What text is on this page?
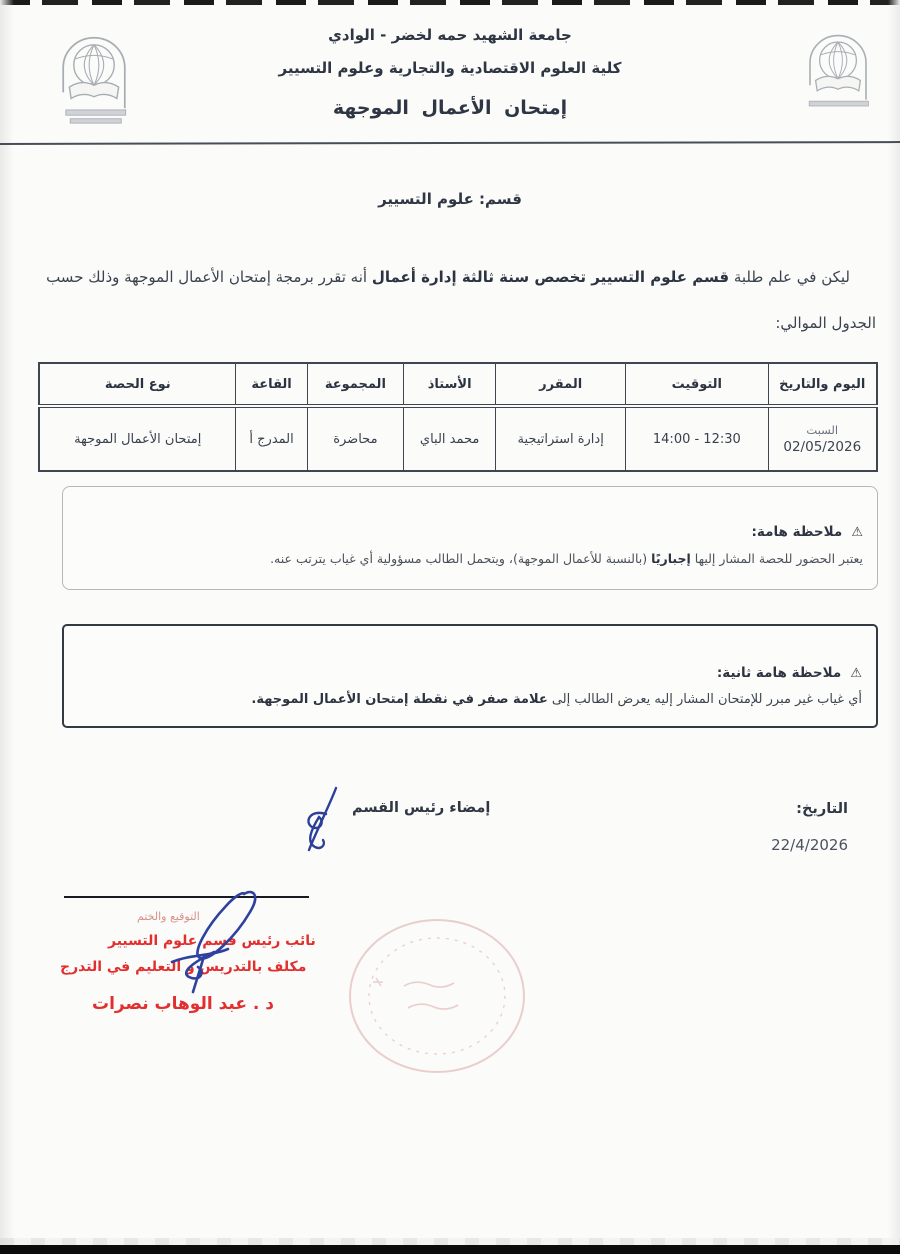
جامعة الشهيد حمه لخضر - الوادي
كلية العلوم الاقتصادية والتجارية وعلوم التسيير
إمتحان الأعمال الموجهة
قسم: علوم التسيير

ليكن في علم طلبة قسم علوم التسيير تخصص سنة ثالثة إدارة أعمال أنه تقرر برمجة إمتحان الأعمال الموجهة وذلك حسب
الجدول الموالي:

اليوم والتاريخ	التوقيت	المقرر	الأستاذ	المجموعة	القاعة	نوع الحصة

السبت
02/05/2026	14:00 - 12:30	إدارة استراتيجية	محمد الباي	محاضرة	المدرج أ	إمتحان الأعمال الموجهة
⚠ ملاحظة هامة:
يعتبر الحضور للحصة المشار إليها إجباريًا (بالنسبة للأعمال الموجهة)، ويتحمل الطالب مسؤولية أي غياب يترتب عنه.
⚠ ملاحظة هامة ثانية:
أي غياب غير مبرر للإمتحان المشار إليه يعرض الطالب إلى علامة صفر في نقطة إمتحان الأعمال الموجهة.
التاريخ:
22/4/2026
إمضاء رئيس القسم
التوقيع والختم
نائب رئيس قسم علوم التسيير
مكلف بالتدريس و التعليم في التدرج
د . عبد الوهاب نصرات
